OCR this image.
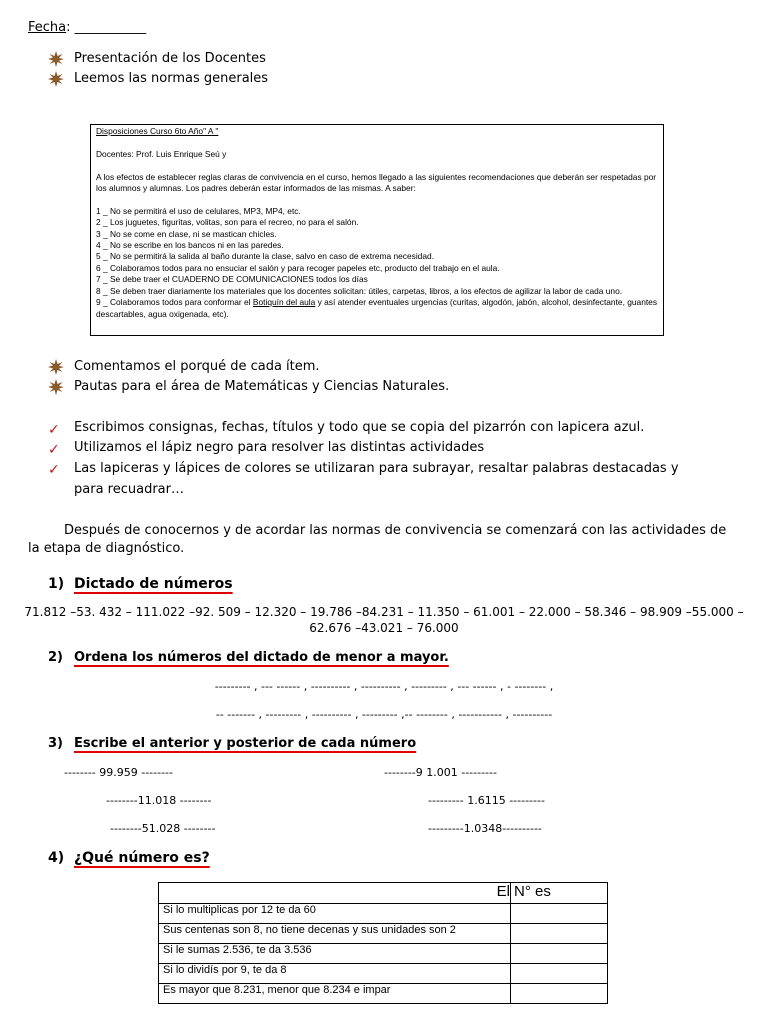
Fecha: ___________
Presentación de los Docentes
Leemos las normas generales

Disposiciones Curso 6to Año" A "

Docentes: Prof. Luis Enrique Seú y

A los efectos de establecer reglas claras de convivencia en el curso, hemos llegado a las siguientes recomendaciones que deberán ser respetadas por los alumnos y alumnas. Los padres deberán estar informados de las mismas. A saber:

1 _ No se permitirá el uso de celulares, MP3, MP4, etc.

2 _ Los juguetes, figuritas, volitas, son para el recreo, no para el salón.

3 _ No se come en clase, ni se mastican chicles.

4 _ No se escribe en los bancos ni en las paredes.

5 _ No se permitirá la salida al baño durante la clase, salvo en caso de extrema necesidad.

6 _ Colaboramos todos para no ensuciar el salón y para recoger papeles etc, producto del trabajo en el aula.

7 _ Se debe traer el CUADERNO DE COMUNICACIONES todos los días

8 _ Se deben traer diariamente los materiales que los docentes solicitan: útiles, carpetas, libros, a los efectos de agilizar la labor de cada uno.

9 _ Colaboramos todos para conformar el Botiquín del aula y así atender eventuales urgencias (curitas, algodón, jabón, alcohol, desinfectante, guantes descartables, agua oxigenada, etc).

Comentamos el porqué de cada ítem.
Pautas para el área de Matemáticas y Ciencias Naturales.
✓	Escribimos consignas, fechas, títulos y todo que se copia del pizarrón con lapicera azul.
✓	Utilizamos el lápiz negro para resolver las distintas actividades
✓	Las lapiceras y lápices de colores se utilizaran para subrayar, resaltar palabras destacadas y para recuadrar…
Después de conocernos y de acordar las normas de convivencia se comenzará con las actividades de la etapa de diagnóstico.
1) Dictado de números
71.812 –53. 432 – 111.022 –92. 509 – 12.320 – 19.786 –84.231 – 11.350 – 61.001 – 22.000 – 58.346 – 98.909 –55.000 –
62.676 –43.021 – 76.000
2) Ordena los números del dictado de menor a mayor.
--------- , --- ------ , ---------- , ---------- , --------- , --- ------ , - -------- ,
-- ------- , --------- , ---------- , --------- ,-- -------- , ----------- , ----------
3) Escribe el anterior y posterior de cada número
-------- 99.959 --------	--------9 1.001 ---------
--------11.018 --------	--------- 1.6115 ---------
--------51.028 --------	---------1.0348----------
4) ¿Qué número es?
El	N° es
Si lo multiplicas por 12 te da 60	
Sus centenas son 8, no tiene decenas y sus unidades son 2	
Si le sumas 2.536, te da 3.536	
Si lo dividís por 9, te da 8	
Es mayor que 8.231, menor que 8.234 e impar	
